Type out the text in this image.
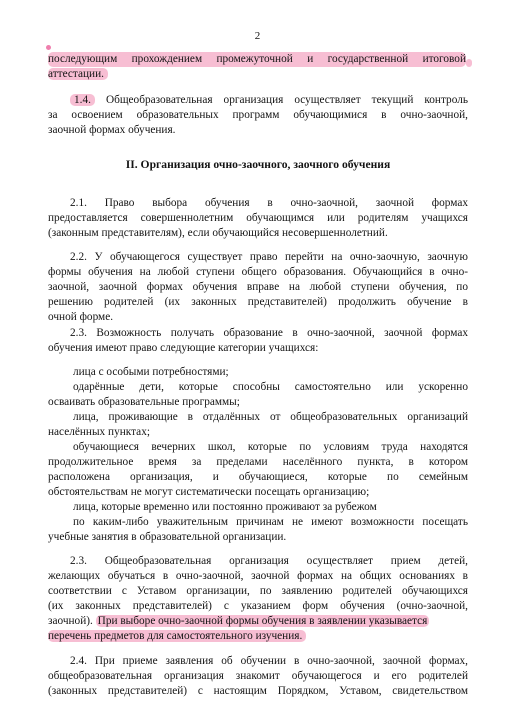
2
последующим прохождением промежуточной и государственной итоговой
аттестации.
1.4. Общеобразовательная организация осуществляет текущий контроль
за освоением образовательных программ обучающимися в очно-заочной,
заочной формах обучения.
II. Организация очно-заочного, заочного обучения
2.1. Право выбора обучения в очно-заочной, заочной формах
предоставляется совершеннолетним обучающимся или родителям учащихся
(законным представителям), если обучающийся несовершеннолетний.
2.2. У обучающегося существует право перейти на очно-заочную, заочную
формы обучения на любой ступени общего образования. Обучающийся в очно-
заочной, заочной формах обучения вправе на любой ступени обучения, по
решению родителей (их законных представителей) продолжить обучение в
очной форме.
2.3. Возможность получать образование в очно-заочной, заочной формах
обучения имеют право следующие категории учащихся:
лица с особыми потребностями;
одарённые дети, которые способны самостоятельно или ускоренно
осваивать образовательные программы;
лица, проживающие в отдалённых от общеобразовательных организаций
населённых пунктах;
обучающиеся вечерних школ, которые по условиям труда находятся
продолжительное время за пределами населённого пункта, в котором
расположена организация, и обучающиеся, которые по семейным
обстоятельствам не могут систематически посещать организацию;
лица, которые временно или постоянно проживают за рубежом
по каким-либо уважительным причинам не имеют возможности посещать
учебные занятия в образовательной организации.
2.3. Общеобразовательная организация осуществляет прием детей,
желающих обучаться в очно-заочной, заочной формах на общих основаниях в
соответствии с Уставом организации, по заявлению родителей обучающихся
(их законных представителей) с указанием форм обучения (очно-заочной,
заочной). При выборе очно-заочной формы обучения в заявлении указывается
перечень предметов для самостоятельного изучения.
2.4. При приеме заявления об обучении в очно-заочной, заочной формах,
общеобразовательная организация знакомит обучающегося и его родителей
(законных представителей) с настоящим Порядком, Уставом, свидетельством
